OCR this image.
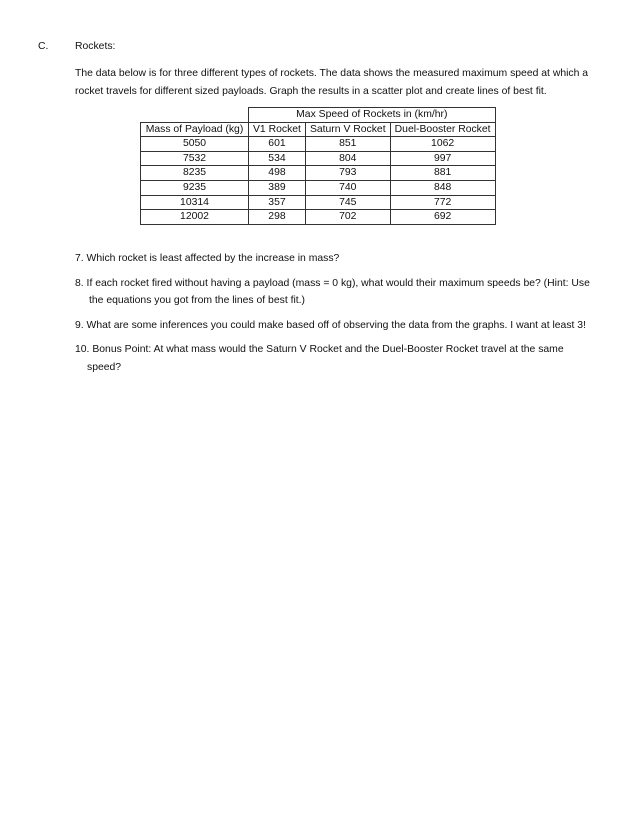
C.	Rockets:

The data below is for three different types of rockets. The data shows the measured maximum speed at which a

rocket travels for different sized payloads. Graph the results in a scatter plot and create lines of best fit.

	Max Speed of Rockets in (km/hr)		
Mass of Payload (kg)	V1 Rocket	Saturn V Rocket	Duel-Booster Rocket
5050	601	851	1062
7532	534	804	997
8235	498	793	881
9235	389	740	848
10314	357	745	772
12002	298	702	692

7. Which rocket is least affected by the increase in mass?

8. If each rocket fired without having a payload (mass = 0 kg), what would their maximum speeds be? (Hint: Use
the equations you got from the lines of best fit.)

9. What are some inferences you could make based off of observing the data from the graphs. I want at least 3!

10. Bonus Point: At what mass would the Saturn V Rocket and the Duel-Booster Rocket travel at the same
speed?
